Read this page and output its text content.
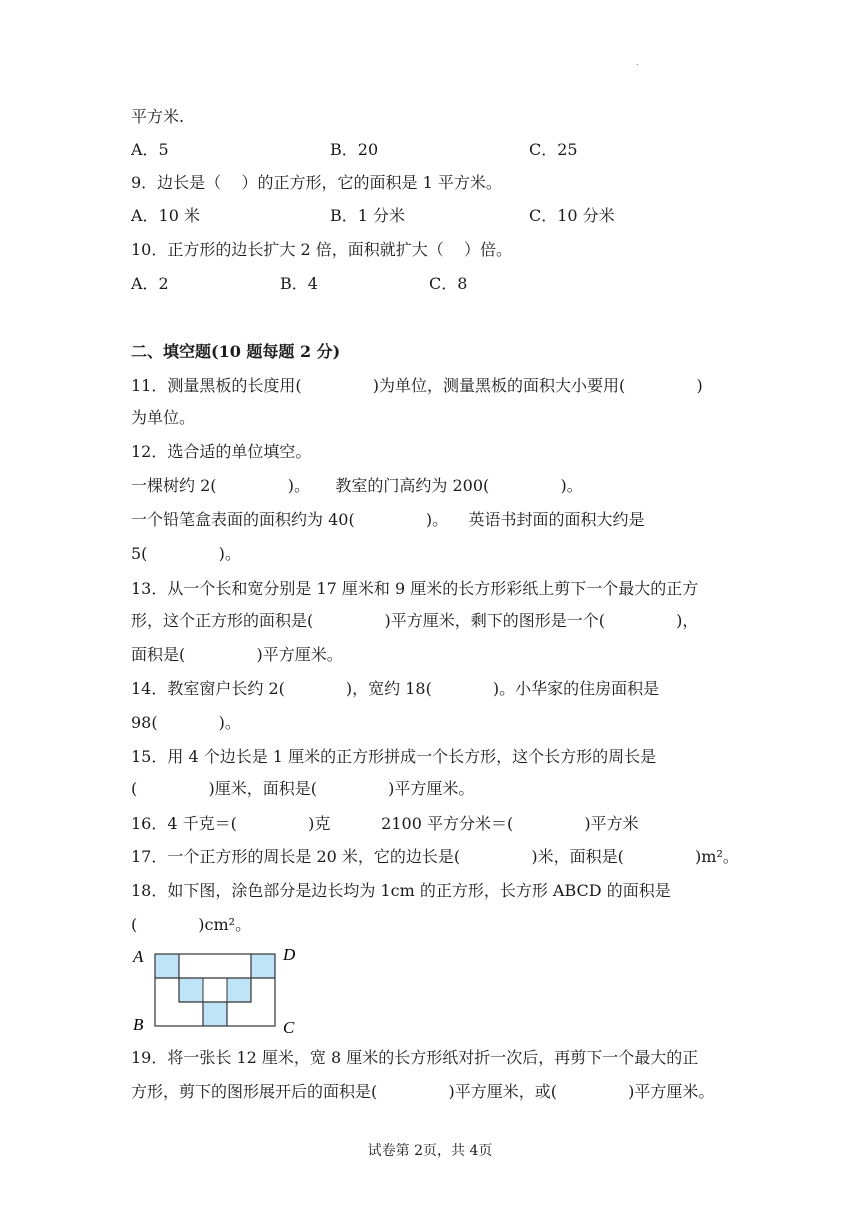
.
平方米.
A．5	B．20	C．25
9．边长是（    ）的正方形，它的面积是 1 平方米。
A．10 米	B．1 分米	C．10 分米
10．正方形的边长扩大 2 倍，面积就扩大（    ）倍。
A．2	B．4	C．8
二、填空题(10 题每题 2 分)
11．测量黑板的长度用(              )为单位，测量黑板的面积大小要用(              )
为单位。
12．选合适的单位填空。
一棵树约 2(              )。     教室的门高约为 200(              )。
一个铅笔盒表面的面积约为 40(              )。    英语书封面的面积大约是
5(              )。
13．从一个长和宽分别是 17 厘米和 9 厘米的长方形彩纸上剪下一个最大的正方
形，这个正方形的面积是(              )平方厘米，剩下的图形是一个(              )，
面积是(              )平方厘米。
14．教室窗户长约 2(            )，宽约 18(            )。小华家的住房面积是
98(            )。
15．用 4 个边长是 1 厘米的正方形拼成一个长方形，这个长方形的周长是
(              )厘米，面积是(              )平方厘米。
16．4 千克＝(              )克          2100 平方分米＝(              )平方米
17．一个正方形的周长是 20 米，它的边长是(              )米，面积是(              )m²。
18．如下图，涂色部分是边长均为 1cm 的正方形，长方形 ABCD 的面积是
(            )cm²。
A	D
B	C
19．将一张长 12 厘米，宽 8 厘米的长方形纸对折一次后，再剪下一个最大的正
方形，剪下的图形展开后的面积是(              )平方厘米，或(              )平方厘米。
试卷第 2页，共 4页
